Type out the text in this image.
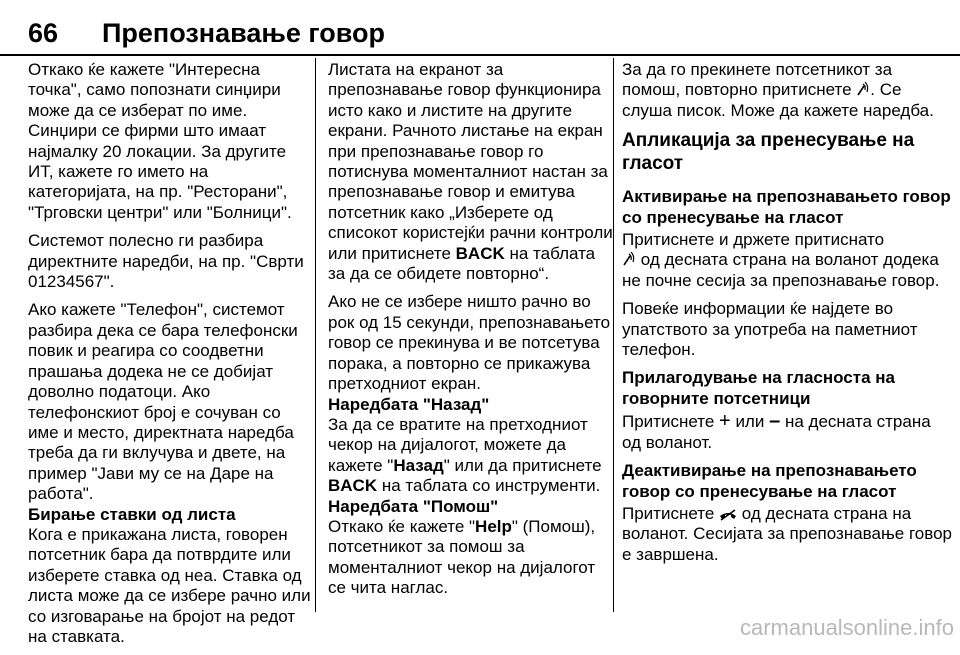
66 Препознавање говор

Откако ќе кажете "Интересна точка", само попознати синџири може да се изберат по име. Синџири се фирми што имаат најмалку 20 локации. За другите ИТ, кажете го името на категоријата, на пр. "Ресторани", "Трговски центри" или "Болници".

Системот полесно ги разбира директните наредби, на пр. "Сврти 01234567".

Ако кажете "Телефон", системот разбира дека се бара телефонски повик и реагира со соодветни прашања додека не се добијат доволно податоци. Ако телефонскиот број е сочуван со име и место, директната наредба треба да ги вклучува и двете, на пример "Јави му се на Даре на работа".

Бирање ставки од листа

Кога е прикажана листа, говорен потсетник бара да потврдите или изберете ставка од неа. Ставка од листа може да се избере рачно или со изговарање на бројот на редот на ставката.

Листата на екранот за препознавање говор функционира исто како и листите на другите екрани. Рачното листање на екран при препознавање говор го потиснува моменталниот настан за препознавање говор и емитува потсетник како „Изберете од списокот користејќи рачни контроли или притиснете BACK на таблата за да се обидете повторно“.

Ако не се избере ништо рачно во рок од 15 секунди, препознавањето говор се прекинува и ве потсетува порака, а повторно се прикажува претходниот екран.

Наредбата "Назад"

За да се вратите на претходниот чекор на дијалогот, можете да кажете "Назад" или да притиснете BACK на таблата со инструменти.

Наредбата "Помош"

Откако ќе кажете "Help" (Помош), потсетникот за помош за моменталниот чекор на дијалогот се чита наглас.

За да го прекинете потсетникот за помош, повторно притиснете . Се слуша писок. Може да кажете наредба.

Апликација за пренесување на гласот

Активирање на препознавањето говор со пренесување на гласот

Притиснете и држете притиснато
од десната страна на воланот додека не почне сесија за препознавање говор.

Повеќе информации ќе најдете во упатството за употреба на паметниот телефон.

Прилагодување на гласноста на говорните потсетници

Притиснете + или – на десната страна од воланот.

Деактивирање на препознавањето говор со пренесување на гласот

Притиснете од десната страна на воланот. Сесијата за препознавање говор е завршена.

carmanualsonline.info
